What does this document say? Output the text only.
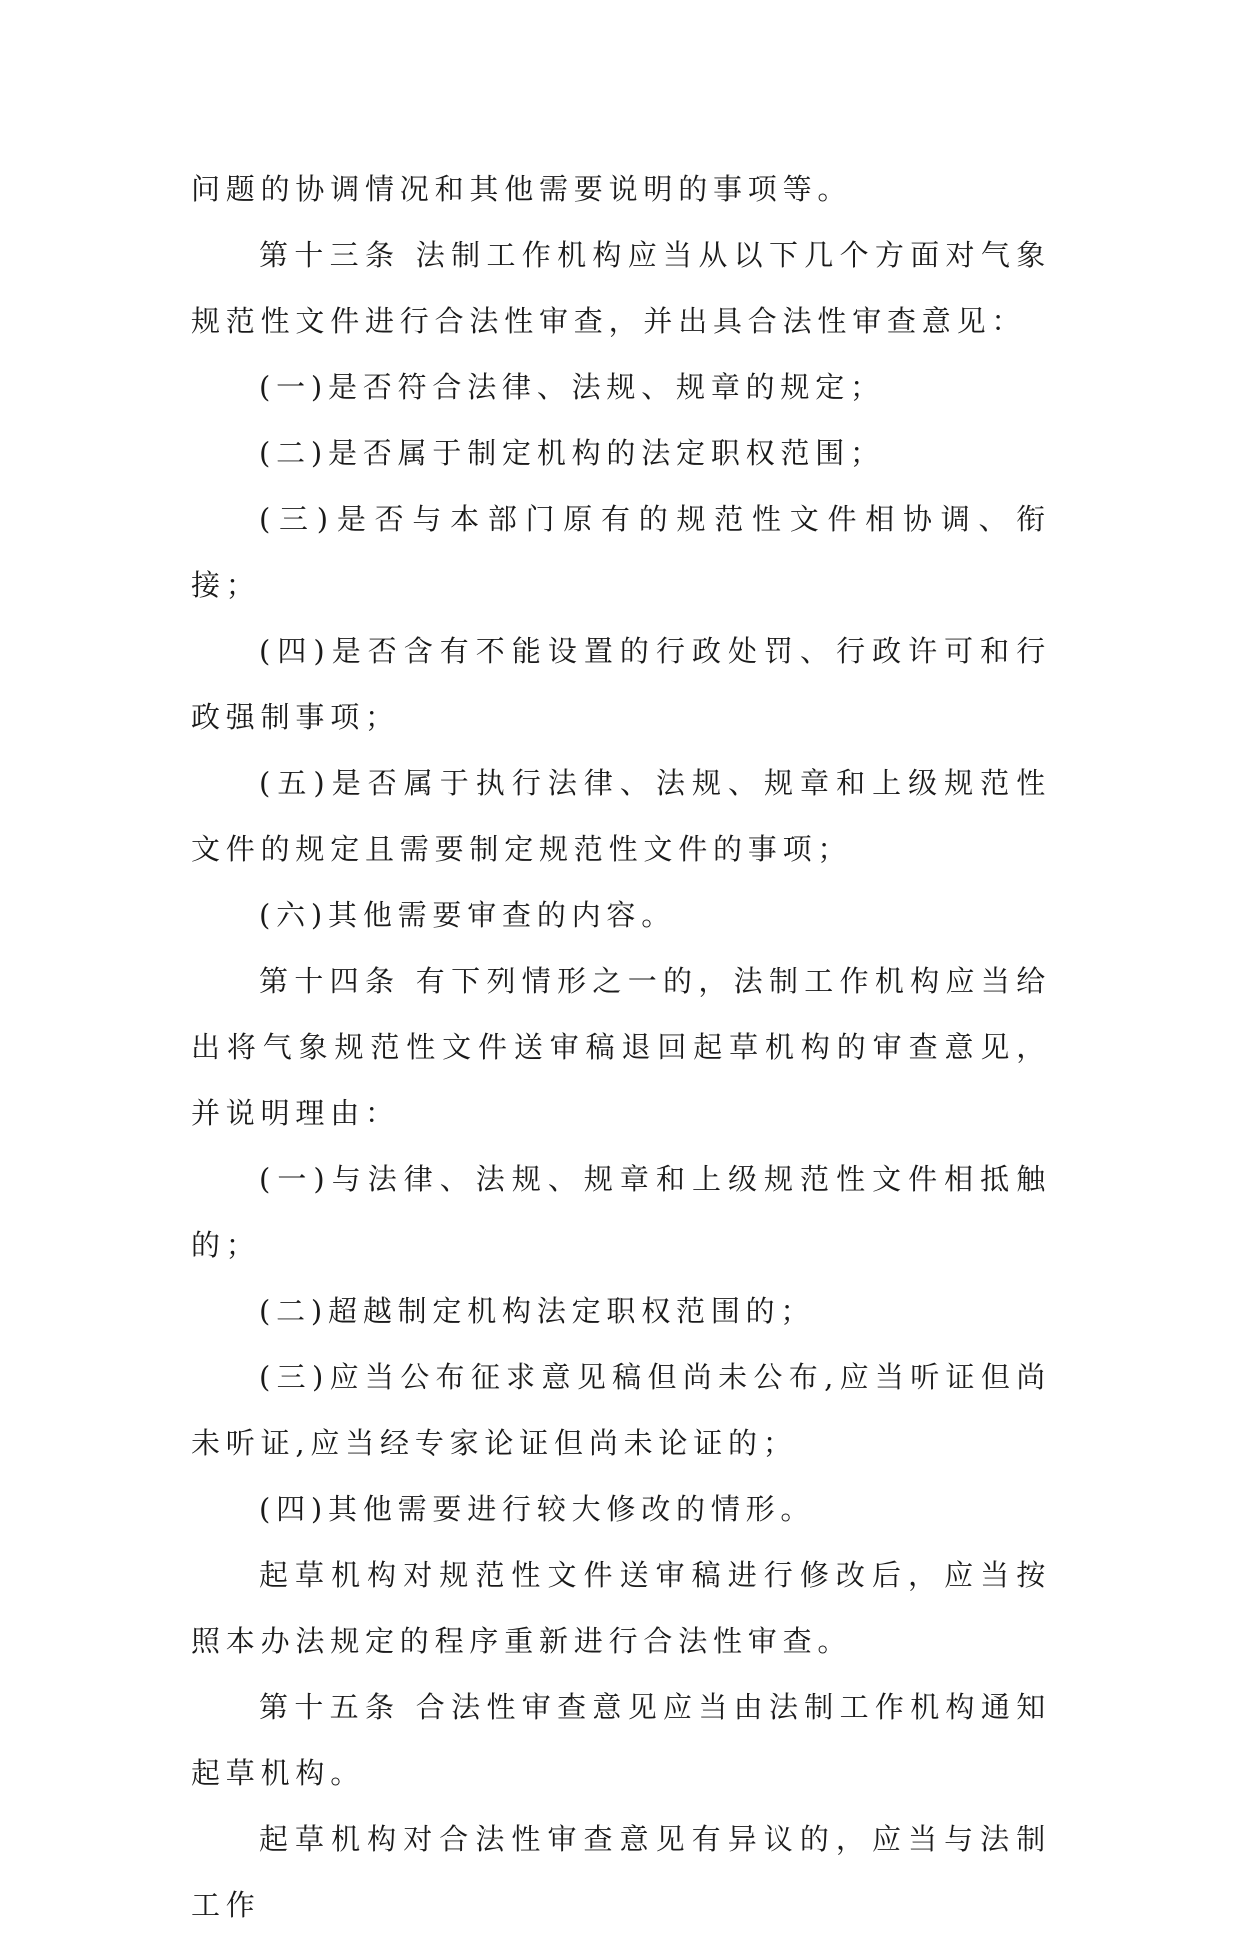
问题的协调情况和其他需要说明的事项等。

第十三条 法制工作机构应当从以下几个方面对气象规范性文件进行合法性审查，并出具合法性审查意见：

(一)是否符合法律、法规、规章的规定；

(二)是否属于制定机构的法定职权范围；

(三)是否与本部门原有的规范性文件相协调、衔接；

(四)是否含有不能设置的行政处罚、行政许可和行政强制事项；

(五)是否属于执行法律、法规、规章和上级规范性文件的规定且需要制定规范性文件的事项；

(六)其他需要审查的内容。

第十四条 有下列情形之一的，法制工作机构应当给出将气象规范性文件送审稿退回起草机构的审查意见，并说明理由：

(一)与法律、法规、规章和上级规范性文件相抵触的；

(二)超越制定机构法定职权范围的；

(三)应当公布征求意见稿但尚未公布,应当听证但尚未听证,应当经专家论证但尚未论证的；

(四)其他需要进行较大修改的情形。

起草机构对规范性文件送审稿进行修改后，应当按照本办法规定的程序重新进行合法性审查。

第十五条 合法性审查意见应当由法制工作机构通知起草机构。

起草机构对合法性审查意见有异议的，应当与法制工作
